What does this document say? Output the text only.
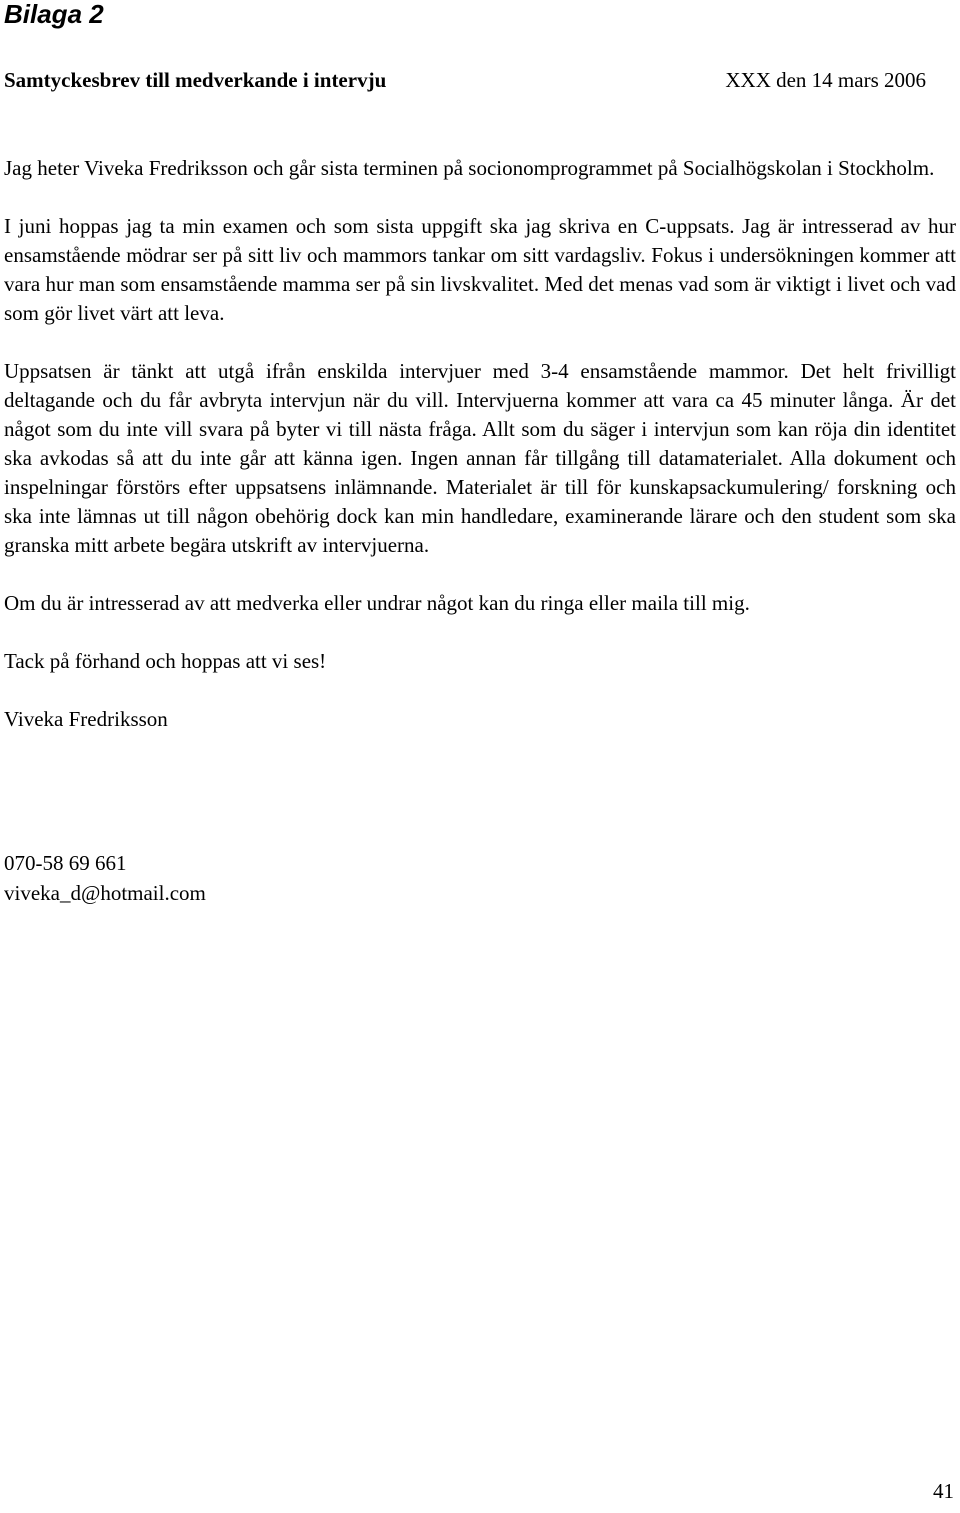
Bilaga 2
Samtyckesbrev till medverkande i intervju	XXX den 14 mars 2006

Jag heter Viveka Fredriksson och går sista terminen på socionomprogrammet på Socialhögskolan i Stockholm.

I juni hoppas jag ta min examen och som sista uppgift ska jag skriva en C-uppsats. Jag är intresserad av hur ensamstående mödrar ser på sitt liv och mammors tankar om sitt vardagsliv. Fokus i undersökningen kommer att vara hur man som ensamstående mamma ser på sin livskvalitet. Med det menas vad som är viktigt i livet och vad som gör livet värt att leva.

Uppsatsen är tänkt att utgå ifrån enskilda intervjuer med 3-4 ensamstående mammor. Det helt frivilligt deltagande och du får avbryta intervjun när du vill. Intervjuerna kommer att vara ca 45 minuter långa. Är det något som du inte vill svara på byter vi till nästa fråga. Allt som du säger i intervjun som kan röja din identitet ska avkodas så att du inte går att känna igen. Ingen annan får tillgång till datamaterialet. Alla dokument och inspelningar förstörs efter uppsatsens inlämnande. Materialet är till för kunskapsackumulering/ forskning och ska inte lämnas ut till någon obehörig dock kan min handledare, examinerande lärare och den student som ska granska mitt arbete begära utskrift av intervjuerna.

Om du är intresserad av att medverka eller undrar något kan du ringa eller maila till mig.

Tack på förhand och hoppas att vi ses!

Viveka Fredriksson

070-58 69 661
viveka_d@hotmail.com
41
